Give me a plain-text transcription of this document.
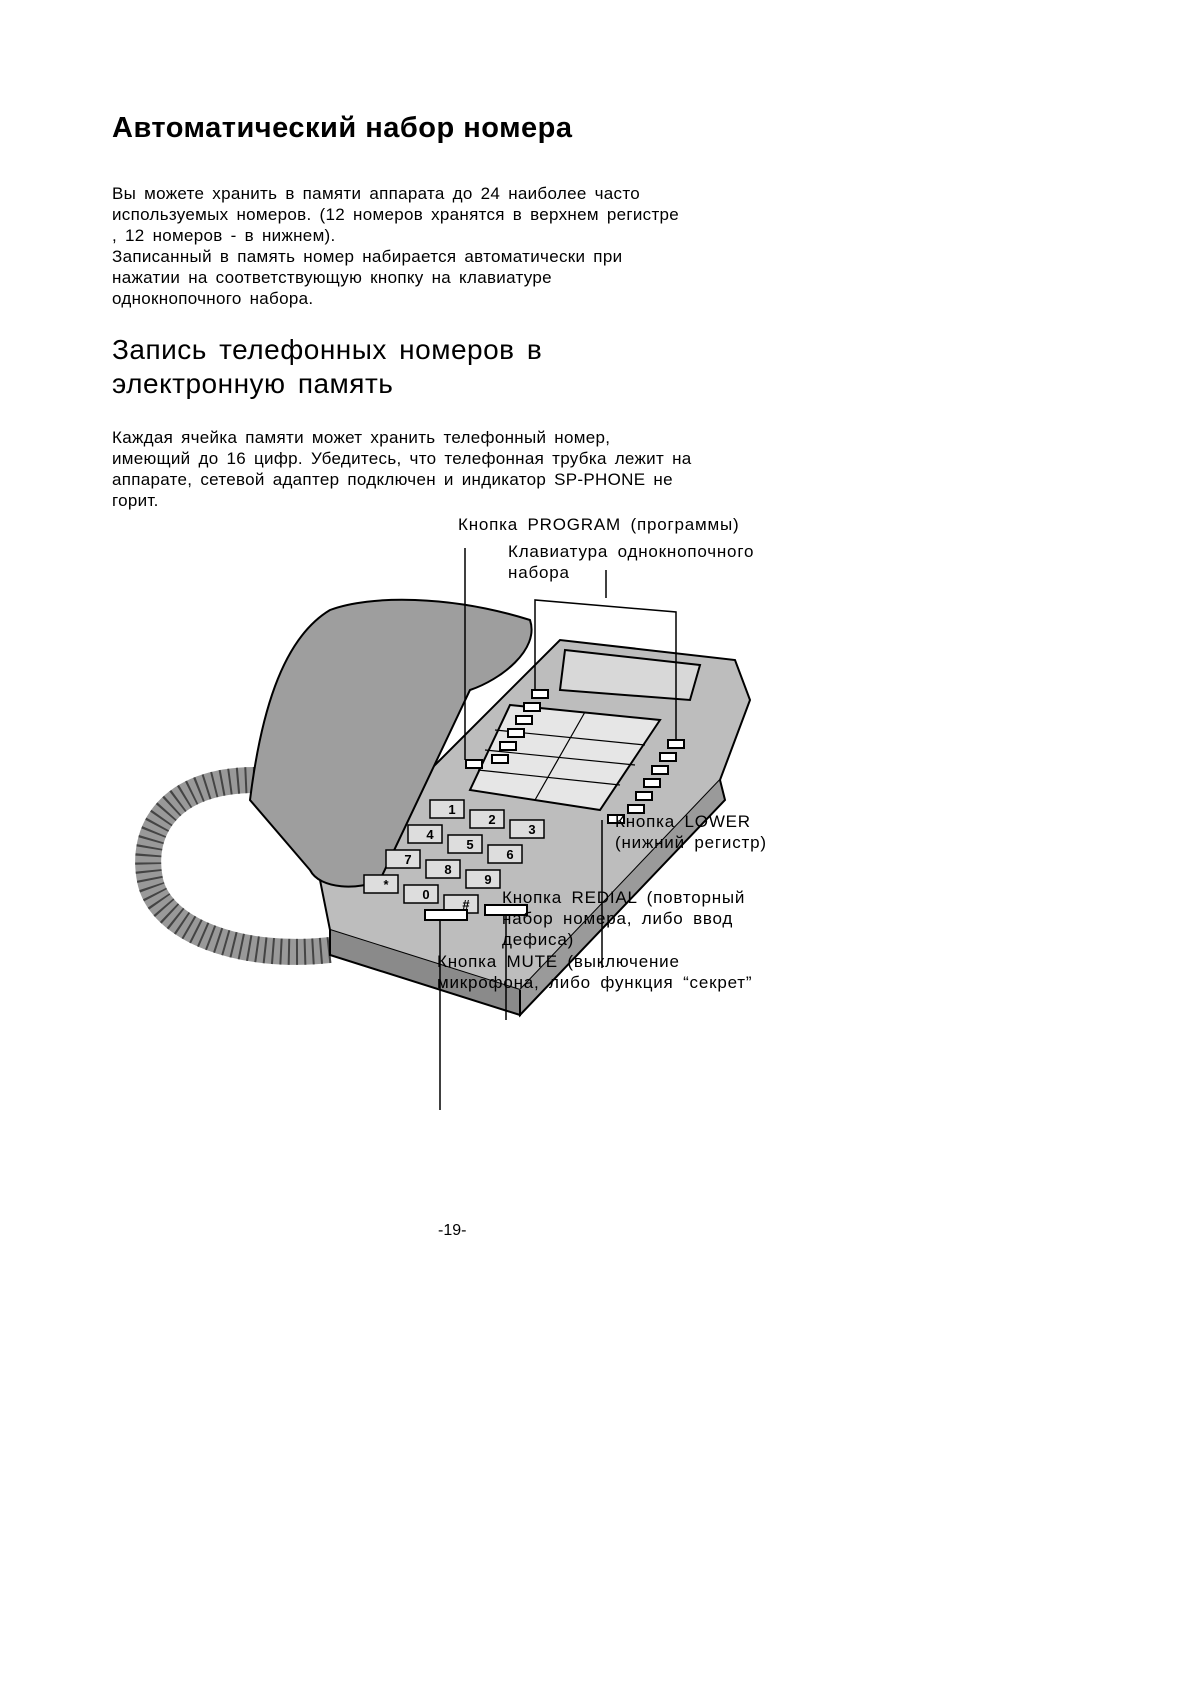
Автоматический набор номера
Вы можете хранить в памяти аппарата до 24 наиболее часто
используемых номеров. (12 номеров хранятся в верхнем регистре
, 12 номеров - в нижнем).
Записанный в память номер набирается автоматически при
нажатии на соответствующую кнопку на клавиатуре
однокнопочного набора.
Запись телефонных номеров в
электронную память
Каждая ячейка памяти может хранить телефонный номер,
имеющий до 16 цифр. Убедитесь, что телефонная трубка лежит на
аппарате, сетевой адаптер подключен и индикатор SP-PHONE не
горит.
1
2
3
4
5
6
7
8
9
*
0
#
Кнопка PROGRAM (программы)
Клавиатура однокнопочного
набора
Кнопка LOWER
(нижний регистр)
Кнопка REDIAL (повторный
набор номера, либо ввод
дефиса)
Кнопка MUTE (выключение
микрофона, либо функция “секрет”
-19-
